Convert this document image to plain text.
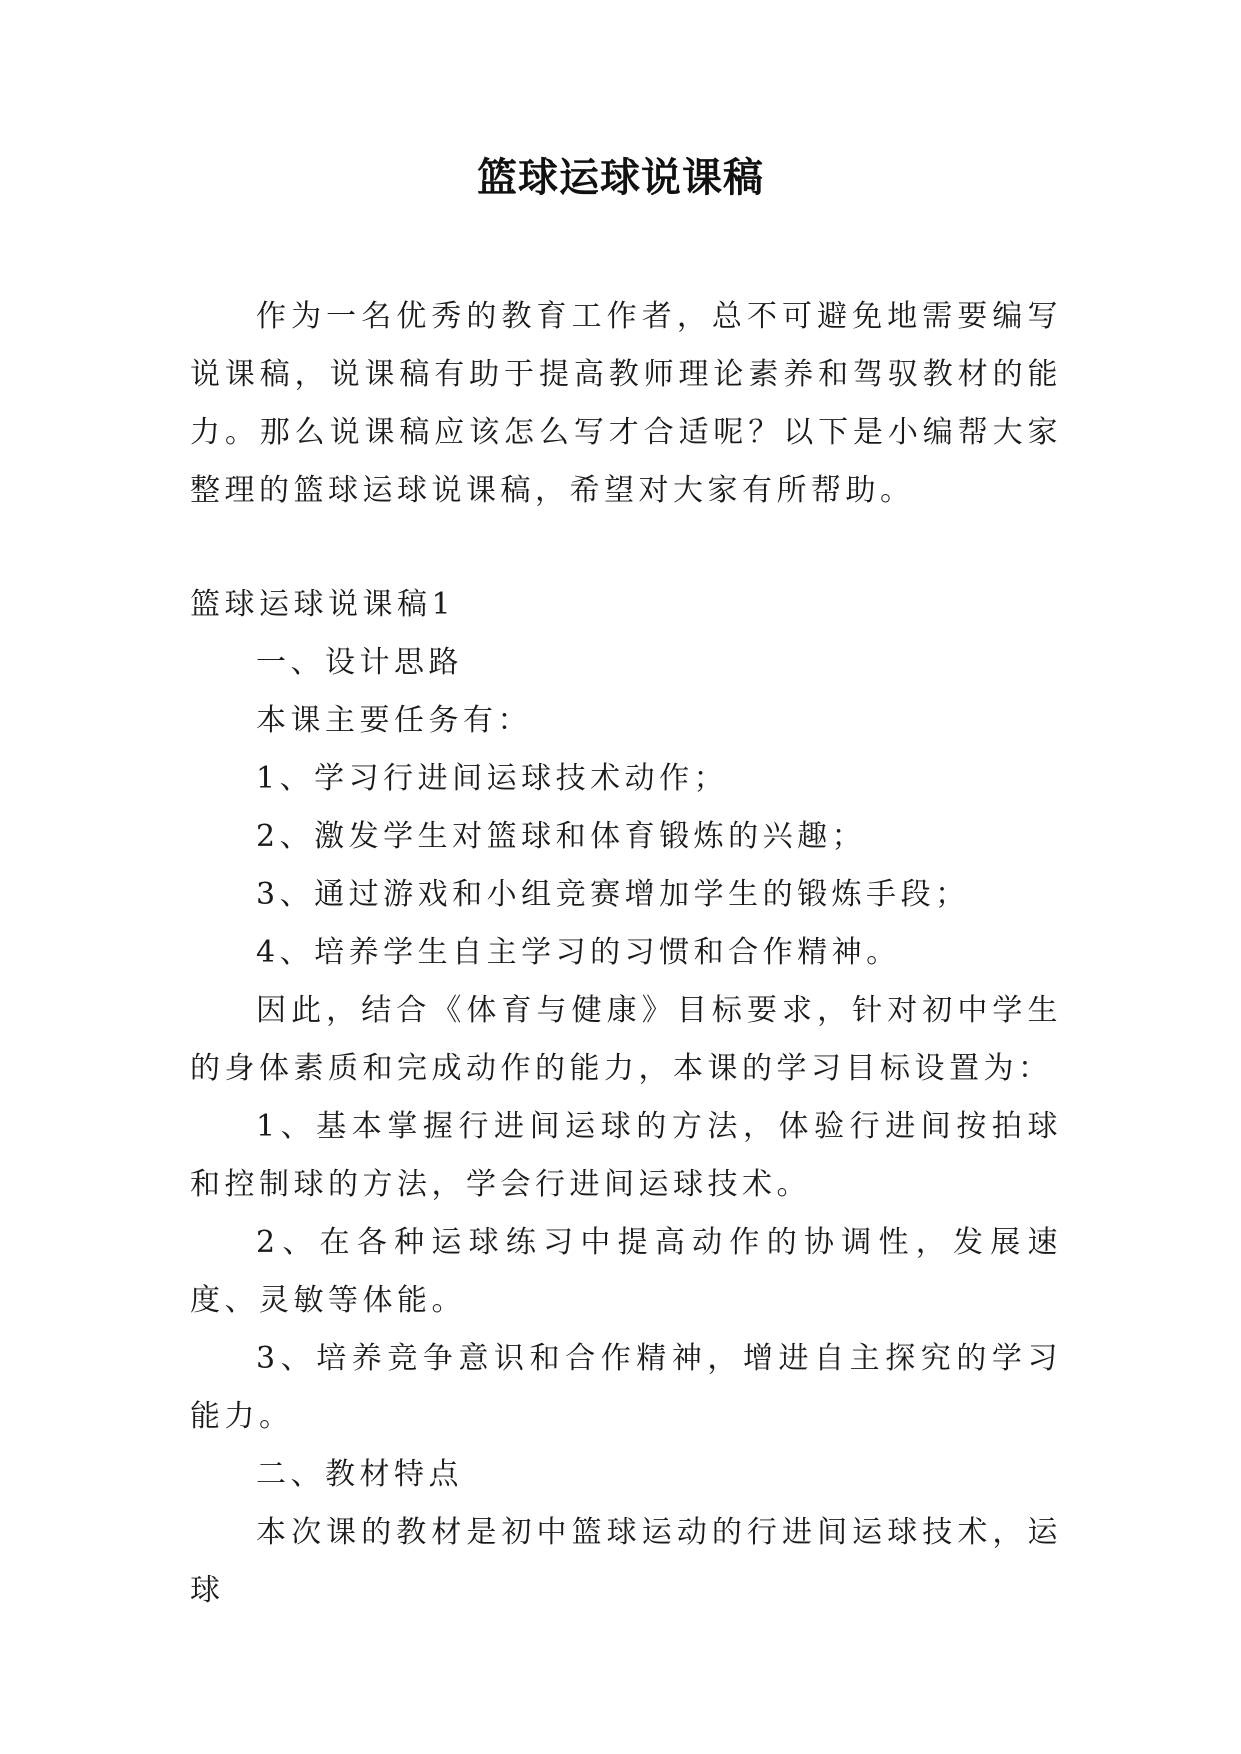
篮球运球说课稿

作为一名优秀的教育工作者，总不可避免地需要编写说课稿，说课稿有助于提高教师理论素养和驾驭教材的能力。那么说课稿应该怎么写才合适呢？以下是小编帮大家整理的篮球运球说课稿，希望对大家有所帮助。

篮球运球说课稿1

一、设计思路

本课主要任务有：

1、学习行进间运球技术动作；

2、激发学生对篮球和体育锻炼的兴趣；

3、通过游戏和小组竞赛增加学生的锻炼手段；

4、培养学生自主学习的习惯和合作精神。

因此，结合《体育与健康》目标要求，针对初中学生的身体素质和完成动作的能力，本课的学习目标设置为：

1、基本掌握行进间运球的方法，体验行进间按拍球和控制球的方法，学会行进间运球技术。

2、在各种运球练习中提高动作的协调性，发展速度、灵敏等体能。

3、培养竞争意识和合作精神，增进自主探究的学习能力。

二、教材特点

本次课的教材是初中篮球运动的行进间运球技术，运球
